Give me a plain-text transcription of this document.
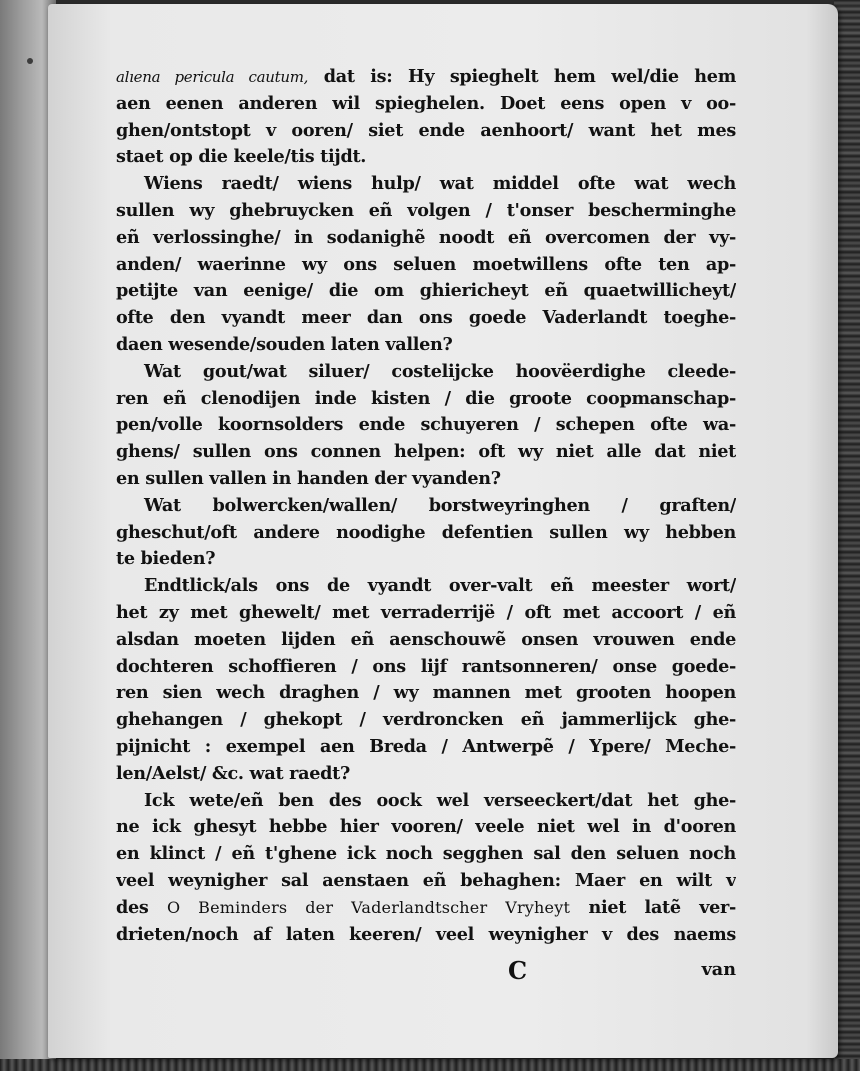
alıena pericula cautum, dat is: Hy spieghelt hem wel/die hem
aen eenen anderen wil spieghelen. Doet eens open v oo-
ghen/ontstopt v ooren/ siet ende aenhoort/ want het mes
staet op die keele/tis tijdt.
Wiens raedt/ wiens hulp/ wat middel ofte wat wech
sullen wy ghebruycken eñ volgen / t'onser bescherminghe
eñ verlossinghe/ in sodanighẽ noodt eñ overcomen der vy-
anden/ waerinne wy ons seluen moetwillens ofte ten ap-
petijte van eenige/ die om ghiericheyt eñ quaetwillicheyt/
ofte den vyandt meer dan ons goede Vaderlandt toeghe-
daen wesende/souden laten vallen?
Wat gout/wat siluer/ costelijcke hoovëerdighe cleede-
ren eñ clenodijen inde kisten / die groote coopmanschap-
pen/volle koornsolders ende schuyeren / schepen ofte wa-
ghens/ sullen ons connen helpen: oft wy niet alle dat niet
en sullen vallen in handen der vyanden?
Wat bolwercken/wallen/ borstweyringhen / graften/
gheschut/oft andere noodighe defentien sullen wy hebben
te bieden?
Endtlick/als ons de vyandt over-valt eñ meester wort/
het zy met ghewelt/ met verraderrijë / oft met accoort / eñ
alsdan moeten lijden eñ aenschouwẽ onsen vrouwen ende
dochteren schoffieren / ons lijf rantsonneren/ onse goede-
ren sien wech draghen / wy mannen met grooten hoopen
ghehangen / ghekopt / verdroncken eñ jammerlijck ghe-
pijnicht : exempel aen Breda / Antwerpẽ / Ypere/ Meche-
len/Aelst/ &c. wat raedt?
Ick wete/eñ ben des oock wel verseeckert/dat het ghe-
ne ick ghesyt hebbe hier vooren/ veele niet wel in d'ooren
en klinct / eñ t'ghene ick noch segghen sal den seluen noch
veel weynigher sal aenstaen eñ behaghen: Maer en wilt v
des O Beminders der Vaderlandtscher Vryheyt niet latẽ ver-
drieten/noch af laten keeren/ veel weynigher v des naems
C	van
